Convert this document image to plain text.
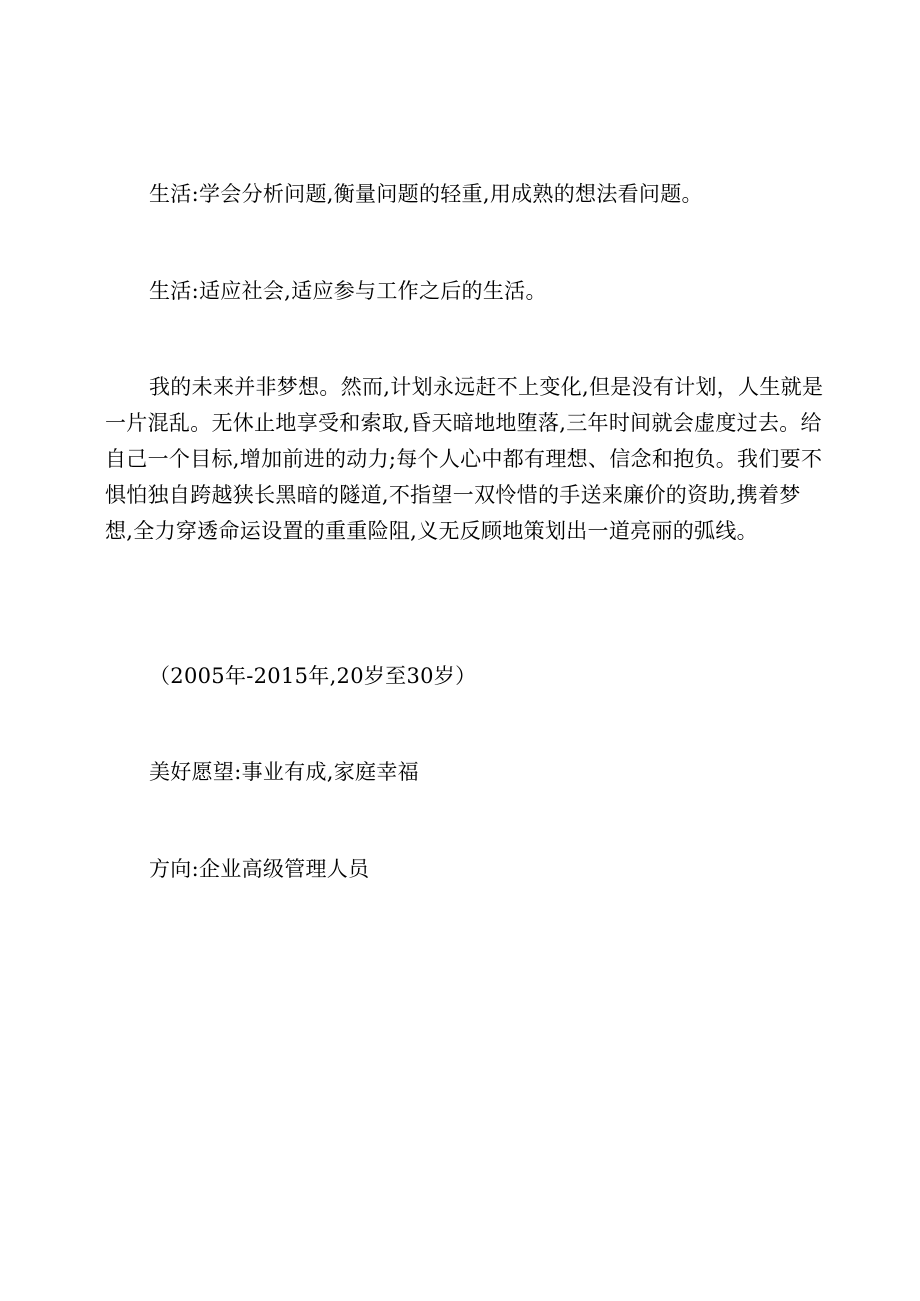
生活:学会分析问题,衡量问题的轻重,用成熟的想法看问题。

生活:适应社会,适应参与工作之后的生活。

我的未来并非梦想。然而,计划永远赶不上变化,但是没有计划，人生就是一片混乱。无休止地享受和索取,昏天暗地地堕落,三年时间就会虚度过去。给自己一个目标,增加前进的动力;每个人心中都有理想、信念和抱负。我们要不惧怕独自跨越狭长黑暗的隧道,不指望一双怜惜的手送来廉价的资助,携着梦想,全力穿透命运设置的重重险阻,义无反顾地策划出一道亮丽的弧线。

（2005年-2015年,20岁至30岁）

美好愿望:事业有成,家庭幸福

方向:企业高级管理人员
